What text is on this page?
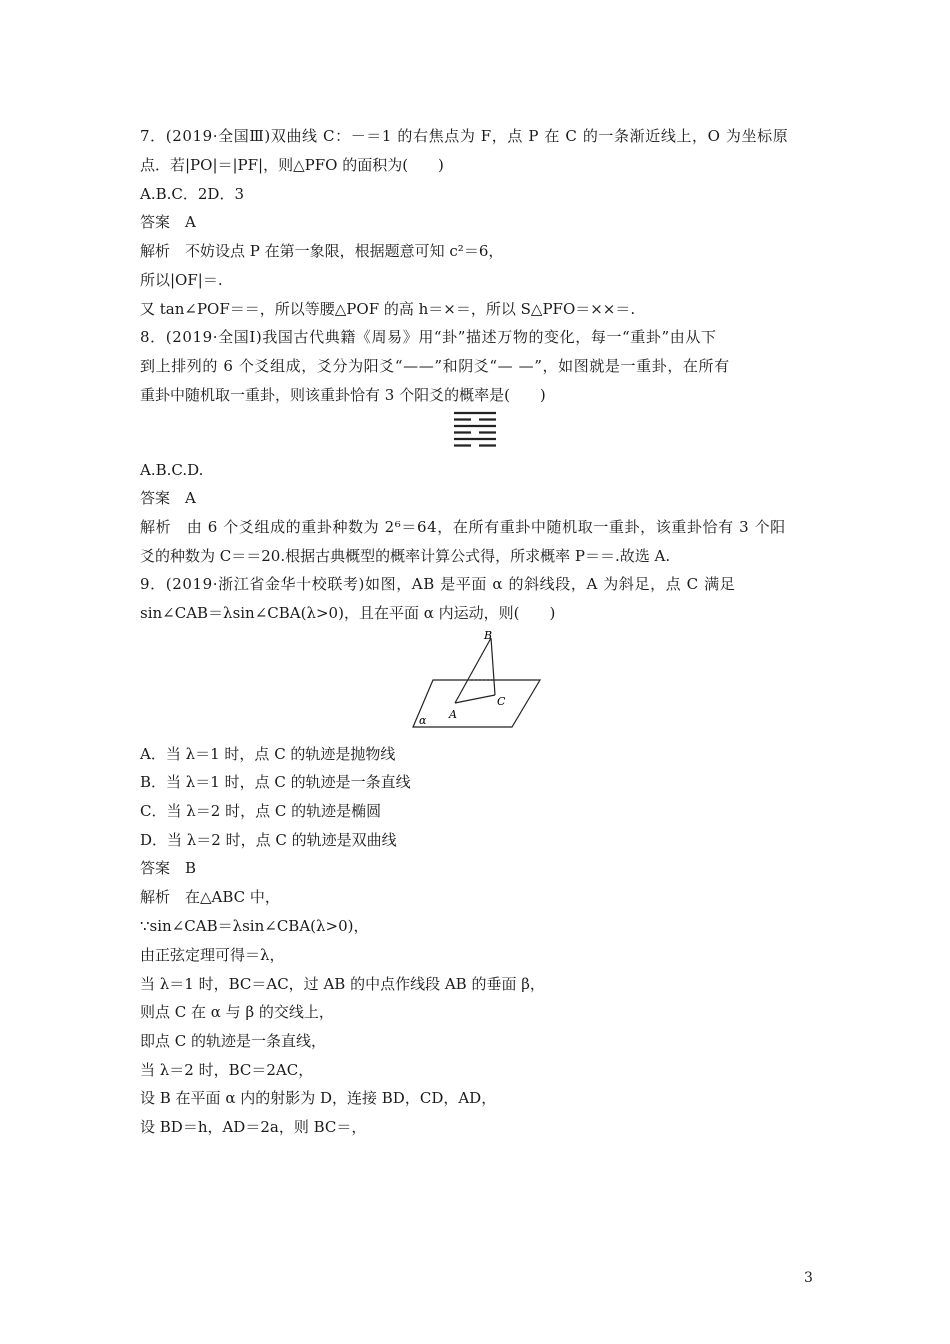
7．(2019·全国Ⅲ)双曲线 C：－＝1 的右焦点为 F，点 P 在 C 的一条渐近线上，O 为坐标原
点．若|PO|＝|PF|，则△PFO 的面积为(　　)
A.B.C．2D．3
答案　A
解析　不妨设点 P 在第一象限，根据题意可知 c²＝6，
所以|OF|＝.
又 tan∠POF＝＝，所以等腰△POF 的高 h＝×＝，所以 S△PFO＝××＝.
8．(2019·全国Ⅰ)我国古代典籍《周易》用“卦”描述万物的变化，每一“重卦”由从下
到上排列的 6 个爻组成，爻分为阳爻“——”和阴爻“— —”，如图就是一重卦，在所有
重卦中随机取一重卦，则该重卦恰有 3 个阳爻的概率是(　　)
A.B.C.D.
答案　A
解析　由 6 个爻组成的重卦种数为 2⁶＝64，在所有重卦中随机取一重卦，该重卦恰有 3 个阳
爻的种数为 C＝＝20.根据古典概型的概率计算公式得，所求概率 P＝＝.故选 A.
9．(2019·浙江省金华十校联考)如图，AB 是平面 α 的斜线段，A 为斜足，点 C 满足
sin∠CAB＝λsin∠CBA(λ>0)，且在平面 α 内运动，则(　　)
B
A
C
α
A．当 λ＝1 时，点 C 的轨迹是抛物线
B．当 λ＝1 时，点 C 的轨迹是一条直线
C．当 λ＝2 时，点 C 的轨迹是椭圆
D．当 λ＝2 时，点 C 的轨迹是双曲线
答案　B
解析　在△ABC 中，
∵sin∠CAB＝λsin∠CBA(λ>0)，
由正弦定理可得＝λ，
当 λ＝1 时，BC＝AC，过 AB 的中点作线段 AB 的垂面 β，
则点 C 在 α 与 β 的交线上，
即点 C 的轨迹是一条直线，
当 λ＝2 时，BC＝2AC，
设 B 在平面 α 内的射影为 D，连接 BD，CD，AD，
设 BD＝h，AD＝2a，则 BC＝，
3
